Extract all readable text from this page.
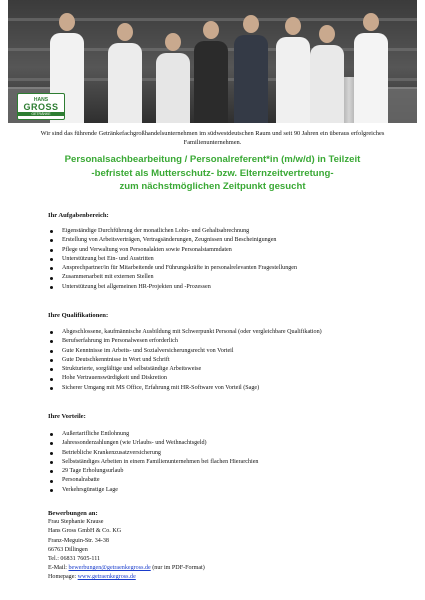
HANS
GROSS
GETRÄNKE
Wir sind das führende Getränkefachgroßhandelsunternehmen im südwestdeutschen Raum und seit 90 Jahren ein überaus erfolgreiches Familienunternehmen.
Personalsachbearbeitung / Personalreferent*in (m/w/d) in Teilzeit
-befristet als Mutterschutz- bzw. Elternzeitvertretung-
zum nächstmöglichen Zeitpunkt gesucht
Ihr Aufgabenbereich:
Eigenständige Durchführung der monatlichen Lohn- und Gehaltsabrechnung
Erstellung von Arbeitsverträgen, Vertragsänderungen, Zeugnissen und Bescheinigungen
Pflege und Verwaltung von Personalakten sowie Personalstammdaten
Unterstützung bei Ein- und Austritten
Ansprechpartner/in für Mitarbeitende und Führungskräfte in personalrelevanten Fragestellungen
Zusammenarbeit mit externen Stellen
Unterstützung bei allgemeinen HR-Projekten und -Prozessen
Ihre Qualifikationen:
Abgeschlossene, kaufmännische Ausbildung mit Schwerpunkt Personal (oder vergleichbare Qualifikation)
Berufserfahrung im Personalwesen erforderlich
Gute Kenntnisse im Arbeits- und Sozialversicherungsrecht von Vorteil
Gute Deutschkenntnisse in Wort und Schrift
Strukturierte, sorgfältige und selbstständige Arbeitsweise
Hohe Vertrauenswürdigkeit und Diskretion
Sicherer Umgang mit MS Office, Erfahrung mit HR-Software von Vorteil (Sage)
Ihre Vorteile:
Außertarifliche Entlohnung
Jahressonderzahlungen (wie Urlaubs- und Weihnachtsgeld)
Betriebliche Krankenzusatzversicherung
Selbstständiges Arbeiten in einem Familienunternehmen bei flachen Hierarchien
29 Tage Erholungsurlaub
Personalrabatte
Verkehrsgünstige Lage
Bewerbungen an:
Frau Stephanie Krause
Hans Gross GmbH & Co. KG
Franz-Meguin-Str. 34-38
66763 Dillingen
Tel.: 06831 7605-111
E-Mail: bewerbungen@getraenkegross.de (nur im PDF-Format)
Homepage: www.getraenkegross.de
